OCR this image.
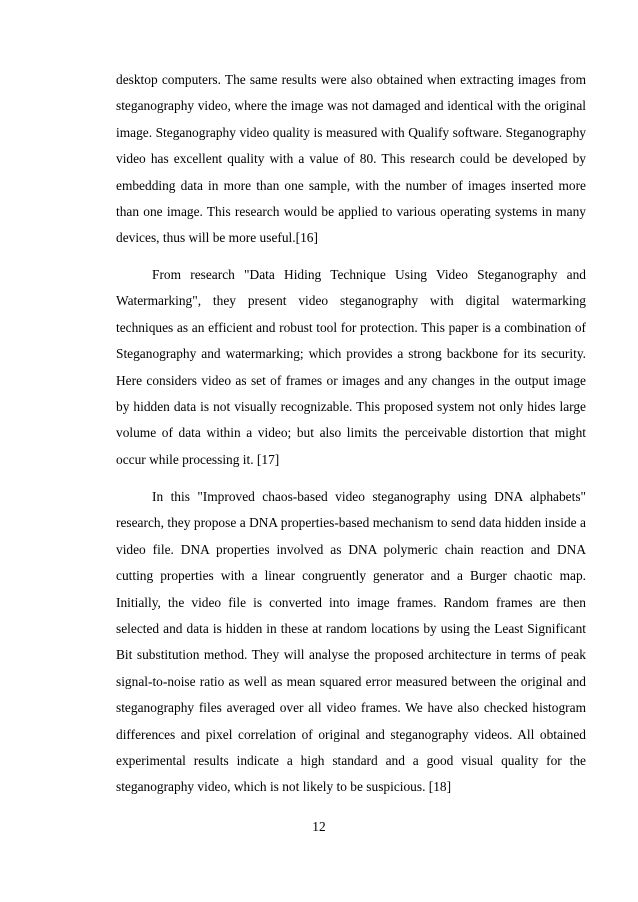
desktop computers. The same results were also obtained when extracting images from steganography video, where the image was not damaged and identical with the original image. Steganography video quality is measured with Qualify software. Steganography video has excellent quality with a value of 80. This research could be developed by embedding data in more than one sample, with the number of images inserted more than one image. This research would be applied to various operating systems in many devices, thus will be more useful.[16]

From research "Data Hiding Technique Using Video Steganography and Watermarking", they present video steganography with digital watermarking techniques as an efficient and robust tool for protection. This paper is a combination of Steganography and watermarking; which provides a strong backbone for its security. Here considers video as set of frames or images and any changes in the output image by hidden data is not visually recognizable. This proposed system not only hides large volume of data within a video; but also limits the perceivable distortion that might occur while processing it. [17]

In this "Improved chaos-based video steganography using DNA alphabets" research, they propose a DNA properties-based mechanism to send data hidden inside a video file. DNA properties involved as DNA polymeric chain reaction and DNA cutting properties with a linear congruently generator and a Burger chaotic map. Initially, the video file is converted into image frames. Random frames are then selected and data is hidden in these at random locations by using the Least Significant Bit substitution method. They will analyse the proposed architecture in terms of peak signal-to-noise ratio as well as mean squared error measured between the original and steganography files averaged over all video frames. We have also checked histogram differences and pixel correlation of original and steganography videos. All obtained experimental results indicate a high standard and a good visual quality for the steganography video, which is not likely to be suspicious. [18]

12
